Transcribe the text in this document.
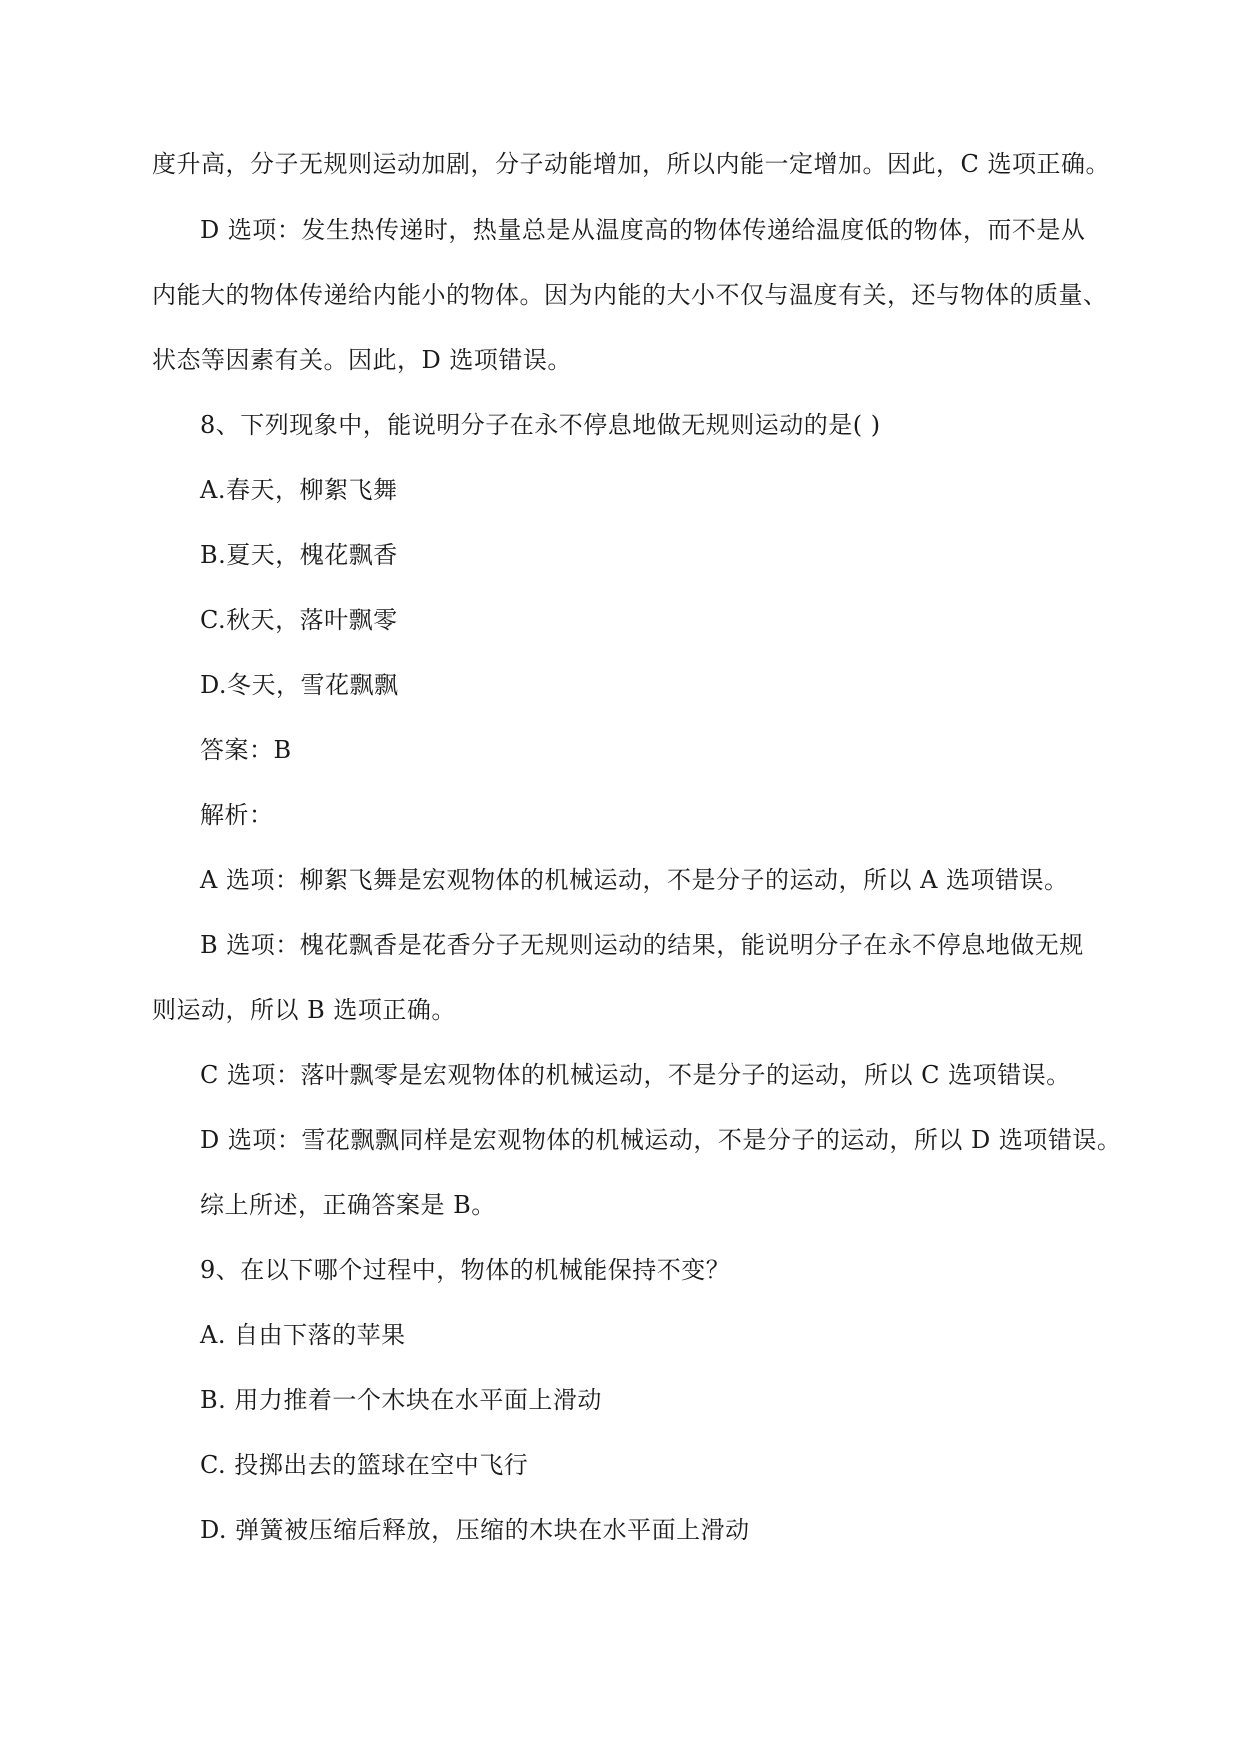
度升高，分子无规则运动加剧，分子动能增加，所以内能一定增加。因此，C 选项正确。
D 选项：发生热传递时，热量总是从温度高的物体传递给温度低的物体，而不是从
内能大的物体传递给内能小的物体。因为内能的大小不仅与温度有关，还与物体的质量、
状态等因素有关。因此，D 选项错误。
8、下列现象中，能说明分子在永不停息地做无规则运动的是( )
A.春天，柳絮飞舞
B.夏天，槐花飘香
C.秋天，落叶飘零
D.冬天，雪花飘飘
答案：B
解析：
A 选项：柳絮飞舞是宏观物体的机械运动，不是分子的运动，所以 A 选项错误。
B 选项：槐花飘香是花香分子无规则运动的结果，能说明分子在永不停息地做无规
则运动，所以 B 选项正确。
C 选项：落叶飘零是宏观物体的机械运动，不是分子的运动，所以 C 选项错误。
D 选项：雪花飘飘同样是宏观物体的机械运动，不是分子的运动，所以 D 选项错误。
综上所述，正确答案是 B。
9、在以下哪个过程中，物体的机械能保持不变？
A. 自由下落的苹果
B. 用力推着一个木块在水平面上滑动
C. 投掷出去的篮球在空中飞行
D. 弹簧被压缩后释放，压缩的木块在水平面上滑动
